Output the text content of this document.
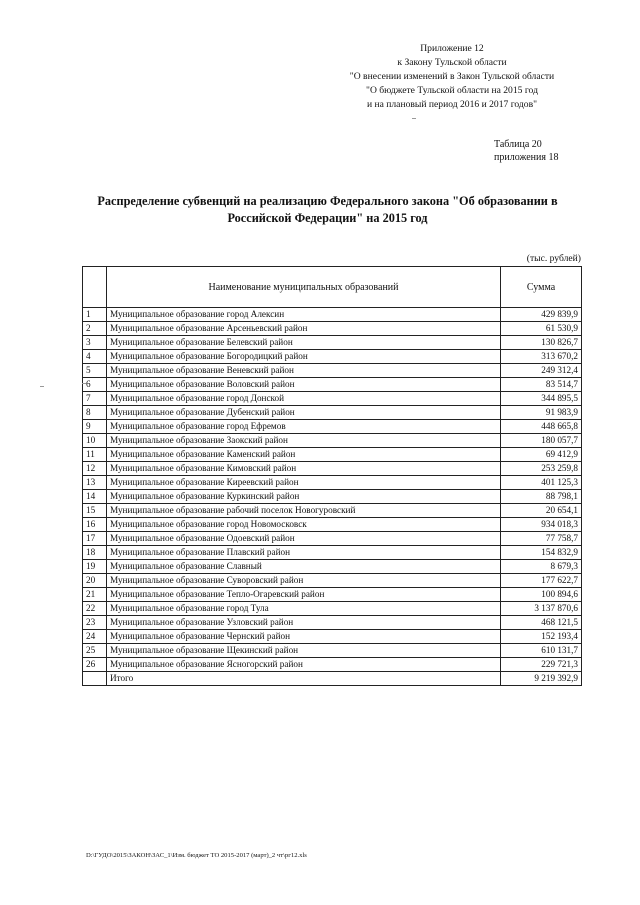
Приложение 12
к Закону Тульской области
"О внесении изменений в Закон Тульской области
"О бюджете Тульской области на 2015 год
и на плановый период 2016 и 2017 годов"
Таблица 20
приложения 18
Распределение субвенций на реализацию Федерального закона "Об образовании в
Российской Федерации" на 2015 год
(тыс. рублей)
	Наименование муниципальных образований	Сумма
1	Муниципальное образование город Алексин	429 839,9
2	Муниципальное образование Арсеньевский район	61 530,9
3	Муниципальное образование Белевский район	130 826,7
4	Муниципальное образование Богородицкий район	313 670,2
5	Муниципальное образование Веневский район	249 312,4
6	Муниципальное образование Воловский район	83 514,7
7	Муниципальное образование город Донской	344 895,5
8	Муниципальное образование Дубенский район	91 983,9
9	Муниципальное образование город Ефремов	448 665,8
10	Муниципальное образование Заокский район	180 057,7
11	Муниципальное образование Каменский район	69 412,9
12	Муниципальное образование Кимовский район	253 259,8
13	Муниципальное образование Киреевский район	401 125,3
14	Муниципальное образование Куркинский район	88 798,1
15	Муниципальное образование рабочий поселок Новогуровский	20 654,1
16	Муниципальное образование город Новомосковск	934 018,3
17	Муниципальное образование Одоевский район	77 758,7
18	Муниципальное образование Плавский район	154 832,9
19	Муниципальное образование Славный	8 679,3
20	Муниципальное образование Суворовский район	177 622,7
21	Муниципальное образование Тепло-Огаревский район	100 894,6
22	Муниципальное образование город Тула	3 137 870,6
23	Муниципальное образование Узловский район	468 121,5
24	Муниципальное образование Чернский район	152 193,4
25	Муниципальное образование Щекинский район	610 131,7
26	Муниципальное образование Ясногорский район	229 721,3
	Итого	9 219 392,9
D:\ГУДО\2015\ЗАКОН\ЗАС_1\Изм. бюджет ТО 2015-2017 (март)_2 чт\рг12.xls
